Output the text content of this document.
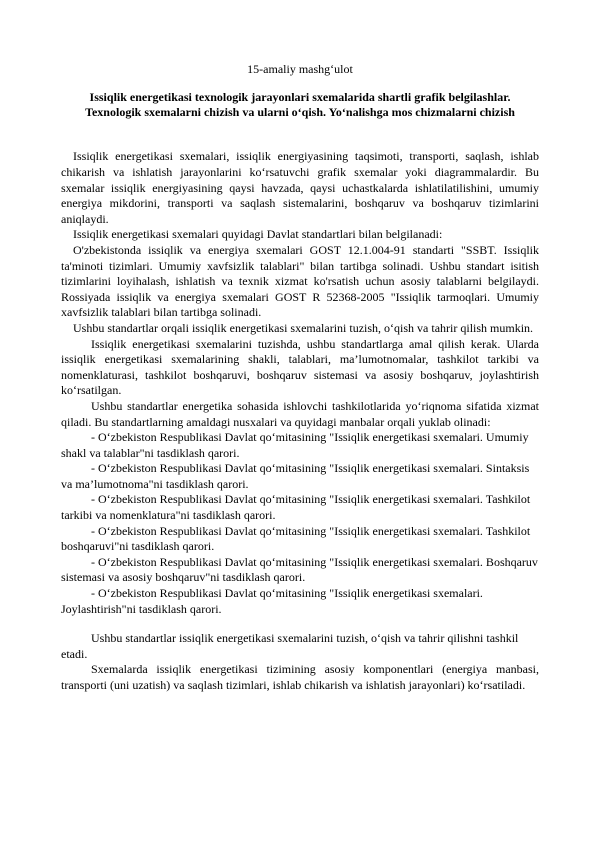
15-amaliy mashg‘ulot

Issiqlik energetikasi texnologik jarayonlari sxemalarida shartli grafik belgilashlar. Texnologik sxemalarni chizish va ularni o‘qish. Yo‘nalishga mos chizmalarni chizish

Issiqlik energetikasi sxemalari, issiqlik energiyasining taqsimoti, transporti, saqlash, ishlab chikarish va ishlatish jarayonlarini ko‘rsatuvchi grafik sxemalar yoki diagrammalardir. Bu sxemalar issiqlik energiyasining qaysi havzada, qaysi uchastkalarda ishlatilatilishini, umumiy energiya mikdorini, transporti va saqlash sistemalarini, boshqaruv va boshqaruv tizimlarini aniqlaydi.

Issiqlik energetikasi sxemalari quyidagi Davlat standartlari bilan belgilanadi:

O'zbekistonda issiqlik va energiya sxemalari GOST 12.1.004-91 standarti "SSBT. Issiqlik ta'minoti tizimlari. Umumiy xavfsizlik talablari" bilan tartibga solinadi. Ushbu standart isitish tizimlarini loyihalash, ishlatish va texnik xizmat ko'rsatish uchun asosiy talablarni belgilaydi. Rossiyada issiqlik va energiya sxemalari GOST R 52368-2005 "Issiqlik tarmoqlari. Umumiy xavfsizlik talablari bilan tartibga solinadi.

Ushbu standartlar orqali issiqlik energetikasi sxemalarini tuzish, o‘qish va tahrir qilish mumkin.

Issiqlik energetikasi sxemalarini tuzishda, ushbu standartlarga amal qilish kerak. Ularda issiqlik energetikasi sxemalarining shakli, talablari, ma’lumotnomalar, tashkilot tarkibi va nomenklaturasi, tashkilot boshqaruvi, boshqaruv sistemasi va asosiy boshqaruv, joylashtirish ko‘rsatilgan.

Ushbu standartlar energetika sohasida ishlovchi tashkilotlarida yo‘riqnoma sifatida xizmat qiladi. Bu standartlarning amaldagi nusxalari va quyidagi manbalar orqali yuklab olinadi:

- O‘zbekiston Respublikasi Davlat qo‘mitasining "Issiqlik energetikasi sxemalari. Umumiy shakl va talablar"ni tasdiklash qarori.

- O‘zbekiston Respublikasi Davlat qo‘mitasining "Issiqlik energetikasi sxemalari. Sintaksis va ma’lumotnoma"ni tasdiklash qarori.

- O‘zbekiston Respublikasi Davlat qo‘mitasining "Issiqlik energetikasi sxemalari. Tashkilot tarkibi va nomenklatura"ni tasdiklash qarori.

- O‘zbekiston Respublikasi Davlat qo‘mitasining "Issiqlik energetikasi sxemalari. Tashkilot boshqaruvi"ni tasdiklash qarori.

- O‘zbekiston Respublikasi Davlat qo‘mitasining "Issiqlik energetikasi sxemalari. Boshqaruv sistemasi va asosiy boshqaruv"ni tasdiklash qarori.

- O‘zbekiston Respublikasi Davlat qo‘mitasining "Issiqlik energetikasi sxemalari. Joylashtirish"ni tasdiklash qarori.

Ushbu standartlar issiqlik energetikasi sxemalarini tuzish, o‘qish va tahrir qilishni tashkil etadi.

Sxemalarda issiqlik energetikasi tizimining asosiy komponentlari (energiya manbasi, transporti (uni uzatish) va saqlash tizimlari, ishlab chikarish va ishlatish jarayonlari) ko‘rsatiladi.
